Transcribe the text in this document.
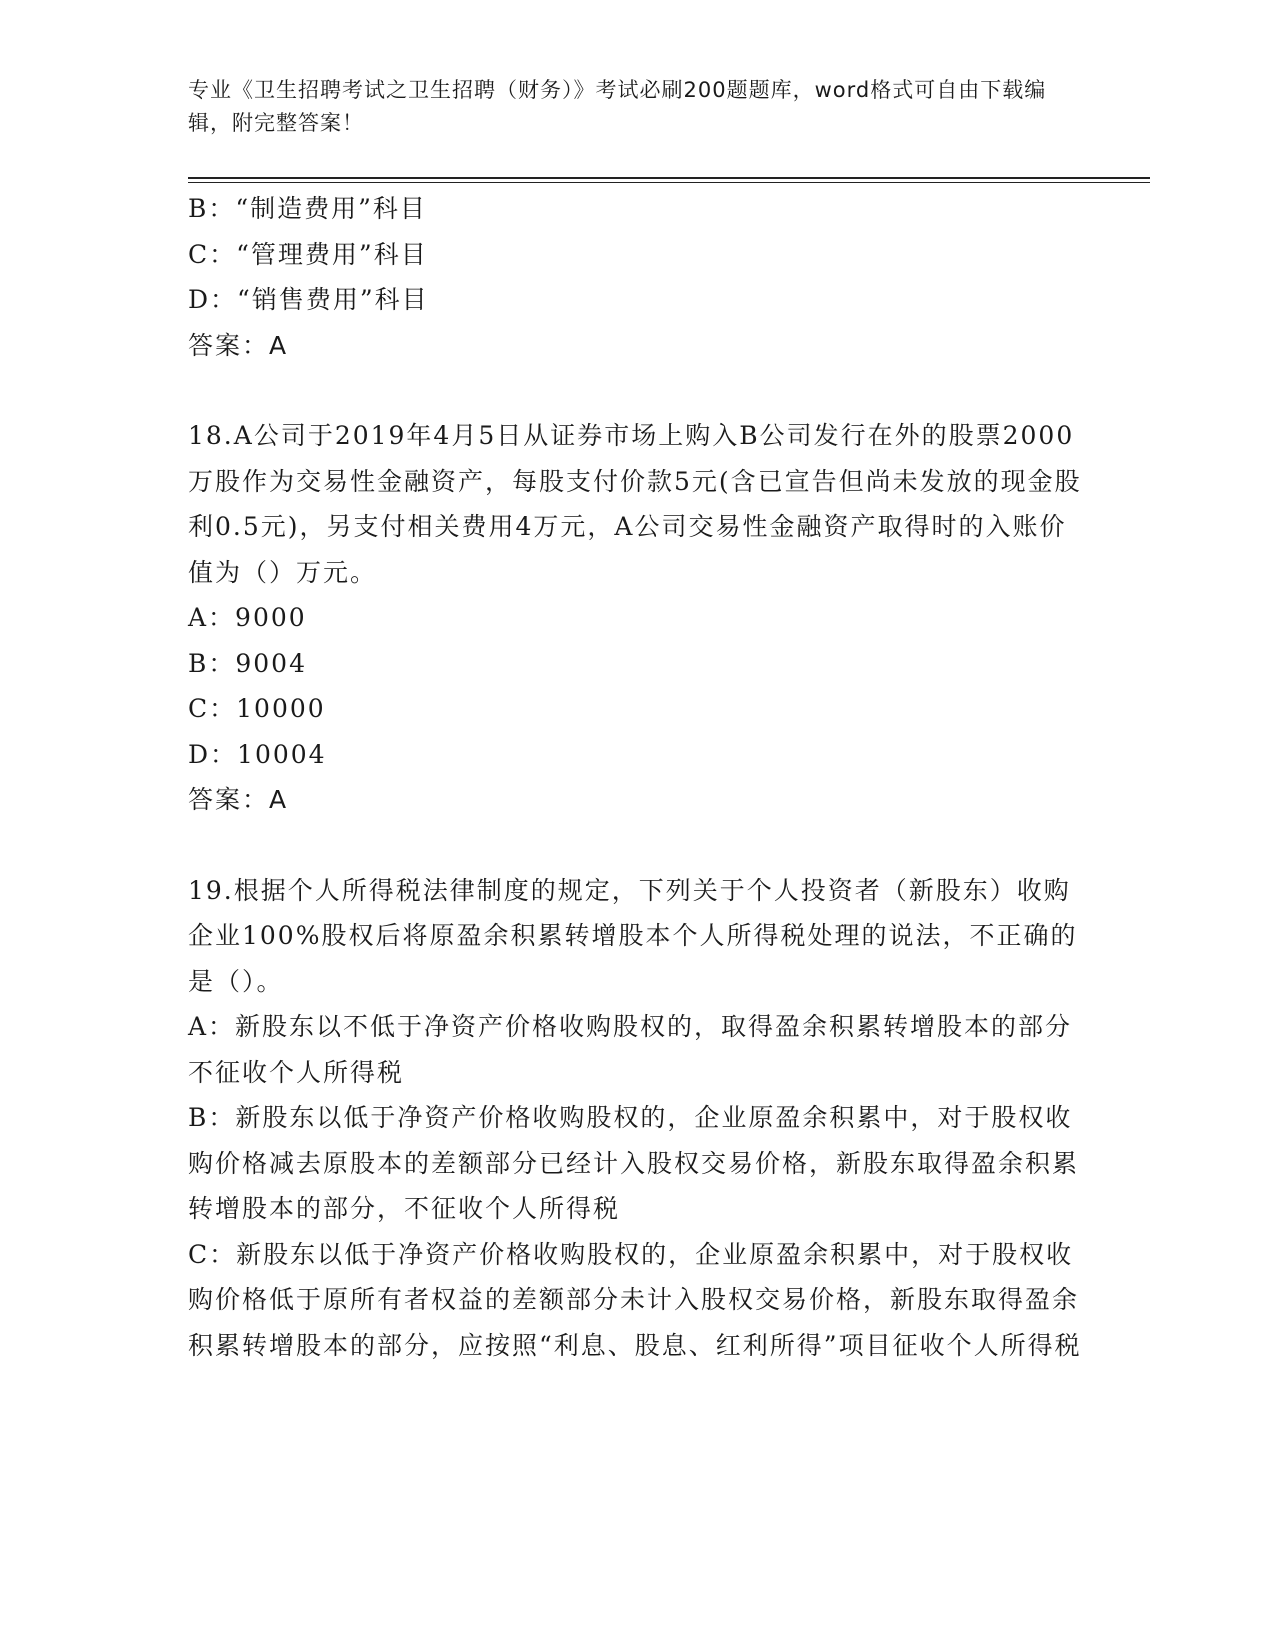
专业《卫生招聘考试之卫生招聘（财务）》考试必刷200题题库，word格式可自由下载编辑，附完整答案！
B：“制造费用”科目
C：“管理费用”科目
D：“销售费用”科目
答案：A
18.A公司于2019年4月5日从证券市场上购入B公司发行在外的股票2000万股作为交易性金融资产，每股支付价款5元(含已宣告但尚未发放的现金股利0.5元)，另支付相关费用4万元，A公司交易性金融资产取得时的入账价值为（）万元。
A：9000
B：9004
C：10000
D：10004
答案：A
19.根据个人所得税法律制度的规定，下列关于个人投资者（新股东）收购企业100%股权后将原盈余积累转增股本个人所得税处理的说法，不正确的是（）。
A：新股东以不低于净资产价格收购股权的，取得盈余积累转增股本的部分不征收个人所得税
B：新股东以低于净资产价格收购股权的，企业原盈余积累中，对于股权收购价格减去原股本的差额部分已经计入股权交易价格，新股东取得盈余积累转增股本的部分，不征收个人所得税
C：新股东以低于净资产价格收购股权的，企业原盈余积累中，对于股权收购价格低于原所有者权益的差额部分未计入股权交易价格，新股东取得盈余积累转增股本的部分，应按照“利息、股息、红利所得”项目征收个人所得税
